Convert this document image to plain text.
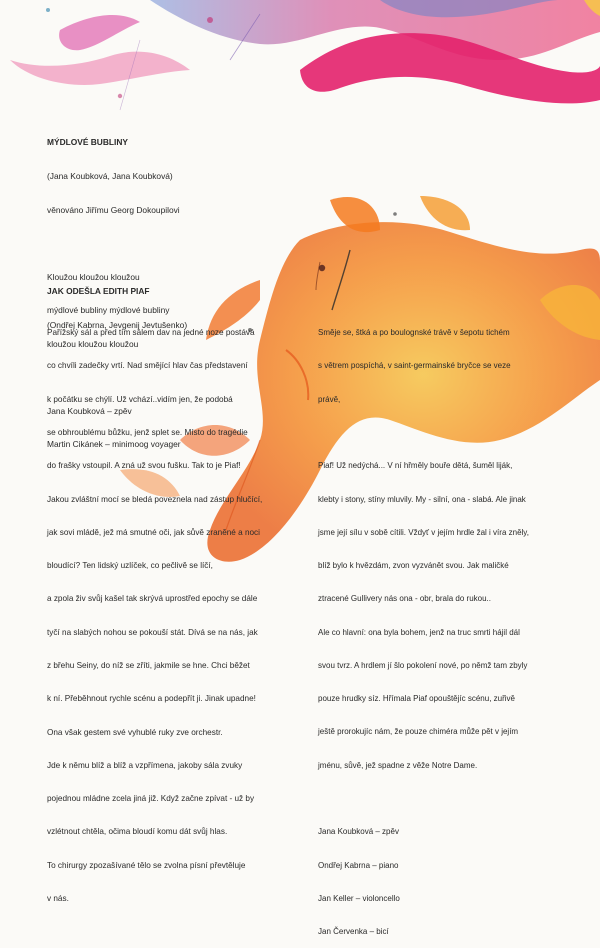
MÝDLOVÉ BUBLINY

(Jana Koubková, Jana Koubková)

věnováno Jiřímu Georg Dokoupilovi

Kloužou kloužou kloužou

mýdlové bubliny mýdlové bubliny

kloužou kloužou kloužou

Jana Koubková – zpěv

Martin Cikánek – minimoog voyager

JAK ODEŠLA EDITH PIAF

(Ondřej Kabrna, Jevgenij Jevtušenko)

Pařížský sál a před tím sálem dav na jedné noze postává

co chvíli zadečky vrtí. Nad smějící hlav čas představení

k počátku se chýlí. Už vchází..vidím jen, že podobá

se obhroublému bůžku, jenž splet se. Místo do tragédie

do frašky vstoupil. A zná už svou fušku. Tak to je Piaf!

Jakou zvláštní mocí se bledá poveznela nad zástup hlučící,

jak sovi mládě, jež má smutné oči, jak sůvě zraněné a noci

bloudící? Ten lidský uzlíček, co pečlivě se líčí,

a zpola živ svůj kašel tak skrývá uprostřed epochy se dále

tyčí na slabých nohou se pokouší stát. Dívá se na nás, jak

z břehu Seiny, do níž se zříti, jakmile se hne. Chci běžet

k ní. Přeběhnout rychle scénu a podepřít ji. Jinak upadne!

Ona však gestem své vyhublé ruky zve orchestr.

Jde k němu blíž a blíž a vzpřímena, jakoby sála zvuky

pojednou mládne zcela jiná již. Když začne zpívat - už by

vzlétnout chtěla, očima bloudí komu dát svůj hlas.

To chirurgy zpozašívané tělo se zvolna písní převtěluje

v nás.

Směje se, štká a po boulognské trávě v šepotu tichém

s větrem pospíchá, v saint-germainské bryčce se veze

právě,

Piaf! Už nedýchá... V ní hřměly bouře dětá, šuměl liják,

klebty i stony, stíny mluvily. My - silní, ona - slabá. Ale jinak

jsme její sílu v sobě cítili. Vždyť v jejím hrdle žal i víra zněly,

blíž bylo k hvězdám, zvon vyzvánět svou. Jak maličké

ztracené Gullivery nás ona - obr, brala do rukou..

Ale co hlavní: ona byla bohem, jenž na truc smrti hájil dál

svou tvrz. A hrdlem jí šlo pokolení nové, po němž tam zbyly

pouze hrudky síz. Hřímala Piaf opouštějíc scénu, zuřivě

ještě prorokujíc nám, že pouze chiméra může pět v jejím

jménu, sůvě, jež spadne z věže Notre Dame.

Jana Koubková – zpěv

Ondřej Kabrna – piano

Jan Keller – violoncello

Jan Červenka – bicí
